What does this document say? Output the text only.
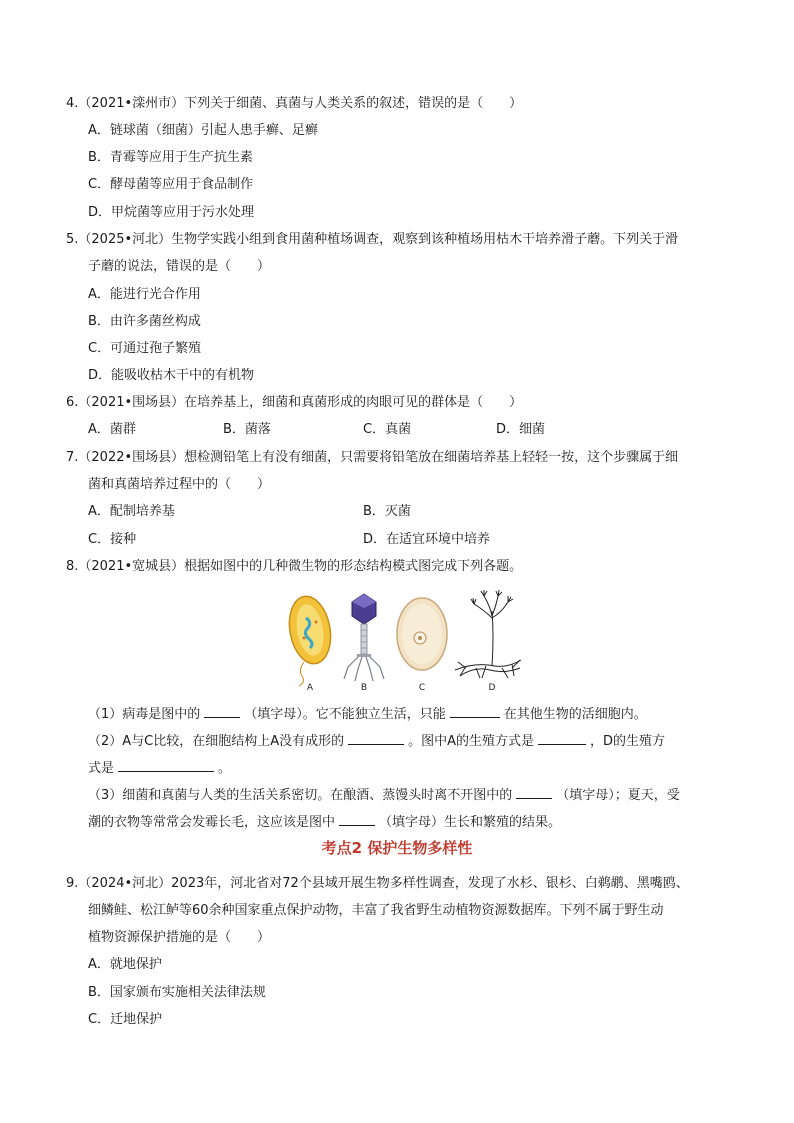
4.（2021•滦州市）下列关于细菌、真菌与人类关系的叙述，错误的是（　　）
A．链球菌（细菌）引起人患手癣、足癣
B．青霉等应用于生产抗生素
C．酵母菌等应用于食品制作
D．甲烷菌等应用于污水处理
5.（2025•河北）生物学实践小组到食用菌种植场调查，观察到该种植场用枯木干培养滑子蘑。下列关于滑
子蘑的说法，错误的是（　　）
A．能进行光合作用
B．由许多菌丝构成
C．可通过孢子繁殖
D．能吸收枯木干中的有机物
6.（2021•围场县）在培养基上，细菌和真菌形成的肉眼可见的群体是（　　）
A．菌群	B．菌落	C．真菌	D．细菌
7.（2022•围场县）想检测铅笔上有没有细菌，只需要将铅笔放在细菌培养基上轻轻一按，这个步骤属于细
菌和真菌培养过程中的（　　）
A．配制培养基	B．灭菌
C．接种	D．在适宜环境中培养
8.（2021•宽城县）根据如图中的几种微生物的形态结构模式图完成下列各题。
A	B	C	D
（1）病毒是图中的	（填字母）。它不能独立生活，只能	在其他生物的活细胞内。
（2）A与C比较，在细胞结构上A没有成形的	。图中A的生殖方式是	，D的生殖方
式是	。
（3）细菌和真菌与人类的生活关系密切。在酿酒、蒸馒头时离不开图中的	（填字母）；夏天，受
潮的衣物等常常会发霉长毛，这应该是图中	（填字母）生长和繁殖的结果。
考点2 保护生物多样性
9.（2024•河北）2023年，河北省对72个县域开展生物多样性调查，发现了水杉、银杉、白鹈鹕、黑嘴鸥、
细鳞鲑、松江鲈等60余种国家重点保护动物，丰富了我省野生动植物资源数据库。下列不属于野生动
植物资源保护措施的是（　　）
A．就地保护
B．国家颁布实施相关法律法规
C．迁地保护
